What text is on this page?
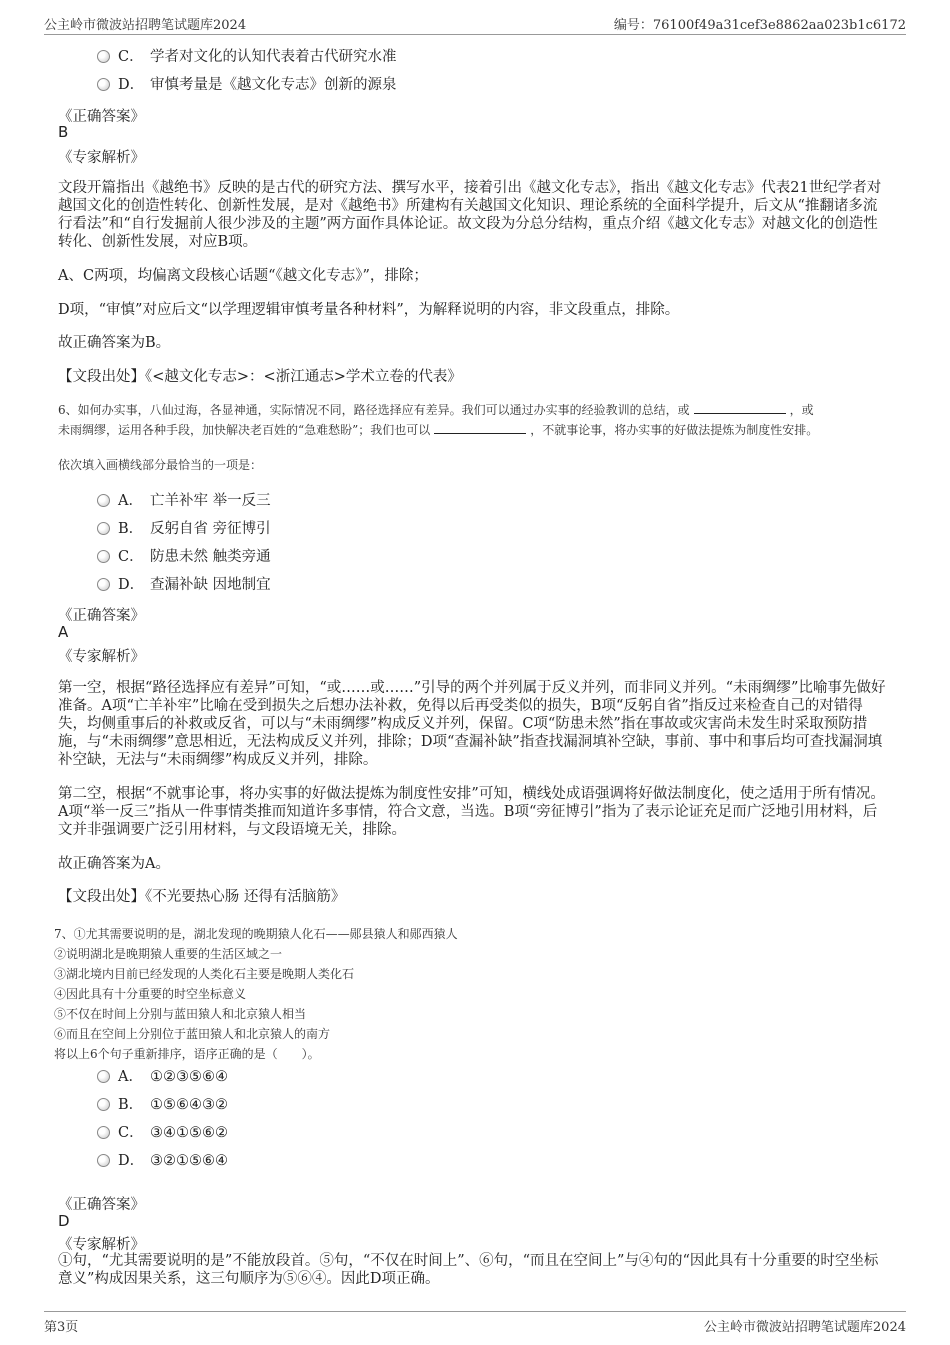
公主岭市微波站招聘笔试题库2024	编号：76100f49a31cef3e8862aa023b1c6172
C． 学者对文化的认知代表着古代研究水准
D． 审慎考量是《越文化专志》创新的源泉
《正确答案》
B
《专家解析》
文段开篇指出《越绝书》反映的是古代的研究方法、撰写水平，接着引出《越文化专志》，指出《越文化专志》代表21世纪学者对越国文化的创造性转化、创新性发展，是对《越绝书》所建构有关越国文化知识、理论系统的全面科学提升，后文从“推翻诸多流行看法”和“自行发掘前人很少涉及的主题”两方面作具体论证。故文段为分总分结构，重点介绍《越文化专志》对越文化的创造性转化、创新性发展，对应B项。
A、C两项，均偏离文段核心话题“《越文化专志》”，排除；
D项，“审慎”对应后文“以学理逻辑审慎考量各种材料”，为解释说明的内容，非文段重点，排除。
故正确答案为B。
【文段出处】《<越文化专志>：<浙江通志>学术立卷的代表》
6、如何办实事，八仙过海，各显神通，实际情况不同，路径选择应有差异。我们可以通过办实事的经验教训的总结，或	，或
未雨绸缪，运用各种手段，加快解决老百姓的“急难愁盼”；我们也可以	，不就事论事，将办实事的好做法提炼为制度性安排。
依次填入画横线部分最恰当的一项是：
A． 亡羊补牢 举一反三
B． 反躬自省 旁征博引
C． 防患未然 触类旁通
D． 查漏补缺 因地制宜
《正确答案》
A
《专家解析》
第一空，根据“路径选择应有差异”可知，“或……或……”引导的两个并列属于反义并列，而非同义并列。“未雨绸缪”比喻事先做好准备。A项“亡羊补牢”比喻在受到损失之后想办法补救，免得以后再受类似的损失，B项“反躬自省”指反过来检查自己的对错得失，均侧重事后的补救或反省，可以与“未雨绸缪”构成反义并列，保留。C项“防患未然”指在事故或灾害尚未发生时采取预防措施，与“未雨绸缪”意思相近，无法构成反义并列，排除；D项“查漏补缺”指查找漏洞填补空缺，事前、事中和事后均可查找漏洞填补空缺，无法与“未雨绸缪”构成反义并列，排除。
第二空，根据“不就事论事，将办实事的好做法提炼为制度性安排”可知，横线处成语强调将好做法制度化，使之适用于所有情况。A项“举一反三”指从一件事情类推而知道许多事情，符合文意，当选。B项“旁征博引”指为了表示论证充足而广泛地引用材料，后文并非强调要广泛引用材料，与文段语境无关，排除。
故正确答案为A。
【文段出处】《不光要热心肠 还得有活脑筋》
7、①尤其需要说明的是，湖北发现的晚期猿人化石——郧县猿人和郧西猿人
②说明湖北是晚期猿人重要的生活区域之一
③湖北境内目前已经发现的人类化石主要是晚期人类化石
④因此具有十分重要的时空坐标意义
⑤不仅在时间上分别与蓝田猿人和北京猿人相当
⑥而且在空间上分别位于蓝田猿人和北京猿人的南方
将以上6个句子重新排序，语序正确的是（　　）。
A． ①②③⑤⑥④
B． ①⑤⑥④③②
C． ③④①⑤⑥②
D． ③②①⑤⑥④
《正确答案》
D
《专家解析》
①句，“尤其需要说明的是”不能放段首。⑤句，“不仅在时间上”、⑥句，“而且在空间上”与④句的“因此具有十分重要的时空坐标意义”构成因果关系，这三句顺序为⑤⑥④。因此D项正确。
第3页	公主岭市微波站招聘笔试题库2024
